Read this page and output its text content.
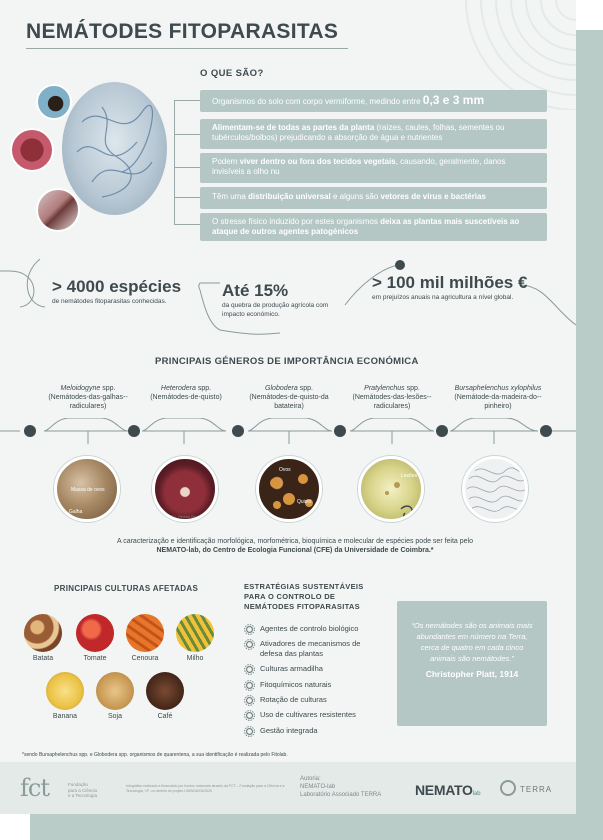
NEMÁTODES FITOPARASITAS
O QUE SÃO?
Organismos do solo com corpo vermiforme, medindo entre 0,3 e 3 mm
Alimentam-se de todas as partes da planta (raízes, caules, folhas, sementes ou tubérculos/bolbos) prejudicando a absorção de água e nutrientes
Podem viver dentro ou fora dos tecidos vegetais, causando, geralmente, danos invisíveis a olho nu
Têm uma distribuição universal e alguns são vetores de vírus e bactérias
O stresse físico induzido por estes organismos deixa as plantas mais suscetíveis ao ataque de outros agentes patogénicos
> 4000 espécies
de nemátodes fitoparasitas conhecidas.
Até 15%
da quebra de produção agrícola com impacto económico.
> 100 mil milhões €
em prejuízos anuais na agricultura a nível global.
PRINCIPAIS GÉNEROS DE IMPORTÂNCIA ECONÓMICA
Meloidogyne spp.
(Nemátodes-das-galhas--radiculares)
Heterodera spp.
(Nemátodes-de-quisto)
Globodera spp.
(Nemátodes-de-quisto-da batateira)
Pratylenchus spp.
(Nemátodes-das-lesões--radiculares)
Bursaphelenchus xylophilus
(Nemátode-da-madeira-do--pinheiro)
Massa de ovos
Galha
© L. Pereira Simões
Ovos
Quisto
Lesões
A caracterização e identificação morfológica, morfométrica, bioquímica e molecular de espécies pode ser feita pelo NEMATO-lab, do Centro de Ecologia Funcional (CFE) da Universidade de Coimbra.*
PRINCIPAIS CULTURAS AFETADAS
Batata	Tomate	Cenoura	Milho
Banana	Soja	Café
ESTRATÉGIAS SUSTENTÁVEIS PARA O CONTROLO DE NEMÁTODES FITOPARASITAS
Agentes de controlo biológico
Ativadores de mecanismos de defesa das plantas
Culturas armadilha
Fitoquímicos naturais
Rotação de culturas
Uso de cultivares resistentes
Gestão integrada
“Os nemátodes são os animais mais abundantes em número na Terra, cerca de quatro em cada cinco animais são nemátodes.”
Christopher Platt, 1914
*sendo Bursaphelenchus spp. e Globodera spp. organismos de quarentena, a sua identificação é realizada pelo Fitolab.
fct	Fundação
para a Ciência
e a Tecnologia
Infográfico realizado e financiado por fundos nacionais através da FCT – Fundação para a Ciência e a Tecnologia, I.P., no âmbito do projeto UIDB/04004/2020
Autoria:
NEMATO-lab
Laboratório Associado TERRA NEMATOlab	TERRA
